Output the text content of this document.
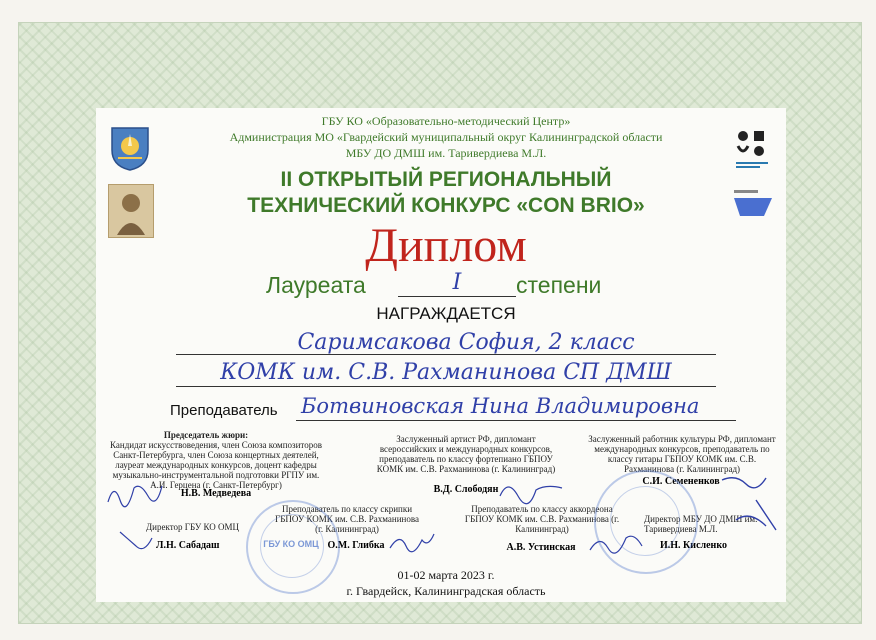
ГБУ КО «Образовательно-методический Центр»
Администрация МО «Гвардейский муниципальный округ Калининградской области
МБУ ДО ДМШ им. Таривердиева М.Л.
II ОТКРЫТЫЙ РЕГИОНАЛЬНЫЙ
ТЕХНИЧЕСКИЙ КОНКУРС «CON BRIO»
Диплом
Лауреата	I	степени
НАГРАЖДАЕТСЯ
Саримсакова София, 2 класс
КОМК им. С.В. Рахманинова СП ДМШ
Преподаватель Ботвиновская Нина Владимировна
Председатель жюри:
Кандидат искусствоведения, член Союза композиторов Санкт-Петербурга, член Союза концертных деятелей, лауреат международных конкурсов, доцент кафедры музыкально-инструментальной подготовки РГПУ им. А.И. Герцена (г. Санкт-Петербург)
Н.В. Медведева
Заслуженный артист РФ, дипломант всероссийских и международных конкурсов, преподаватель по классу фортепиано ГБПОУ КОМК им. С.В. Рахманинова (г. Калининград)
В.Д. Слободян
Заслуженный работник культуры РФ, дипломант международных конкурсов, преподаватель по классу гитары ГБПОУ КОМК им. С.В. Рахманинова (г. Калининград)
С.И. Семененков
Преподаватель по классу скрипки ГБПОУ КОМК им. С.В. Рахманинова (г. Калининград)
О.М. Глибка
Преподаватель по классу аккордеона ГБПОУ КОМК им. С.В. Рахманинова (г. Калининград)
А.В. Устинская
Директор ГБУ КО ОМЦ
Л.Н. Сабадаш
Директор МБУ ДО ДМШ им. Таривердиева М.Л.
И.Н. Кисленко
ГБУ КО ОМЦ
01-02 марта 2023 г.
г. Гвардейск, Калининградская область
